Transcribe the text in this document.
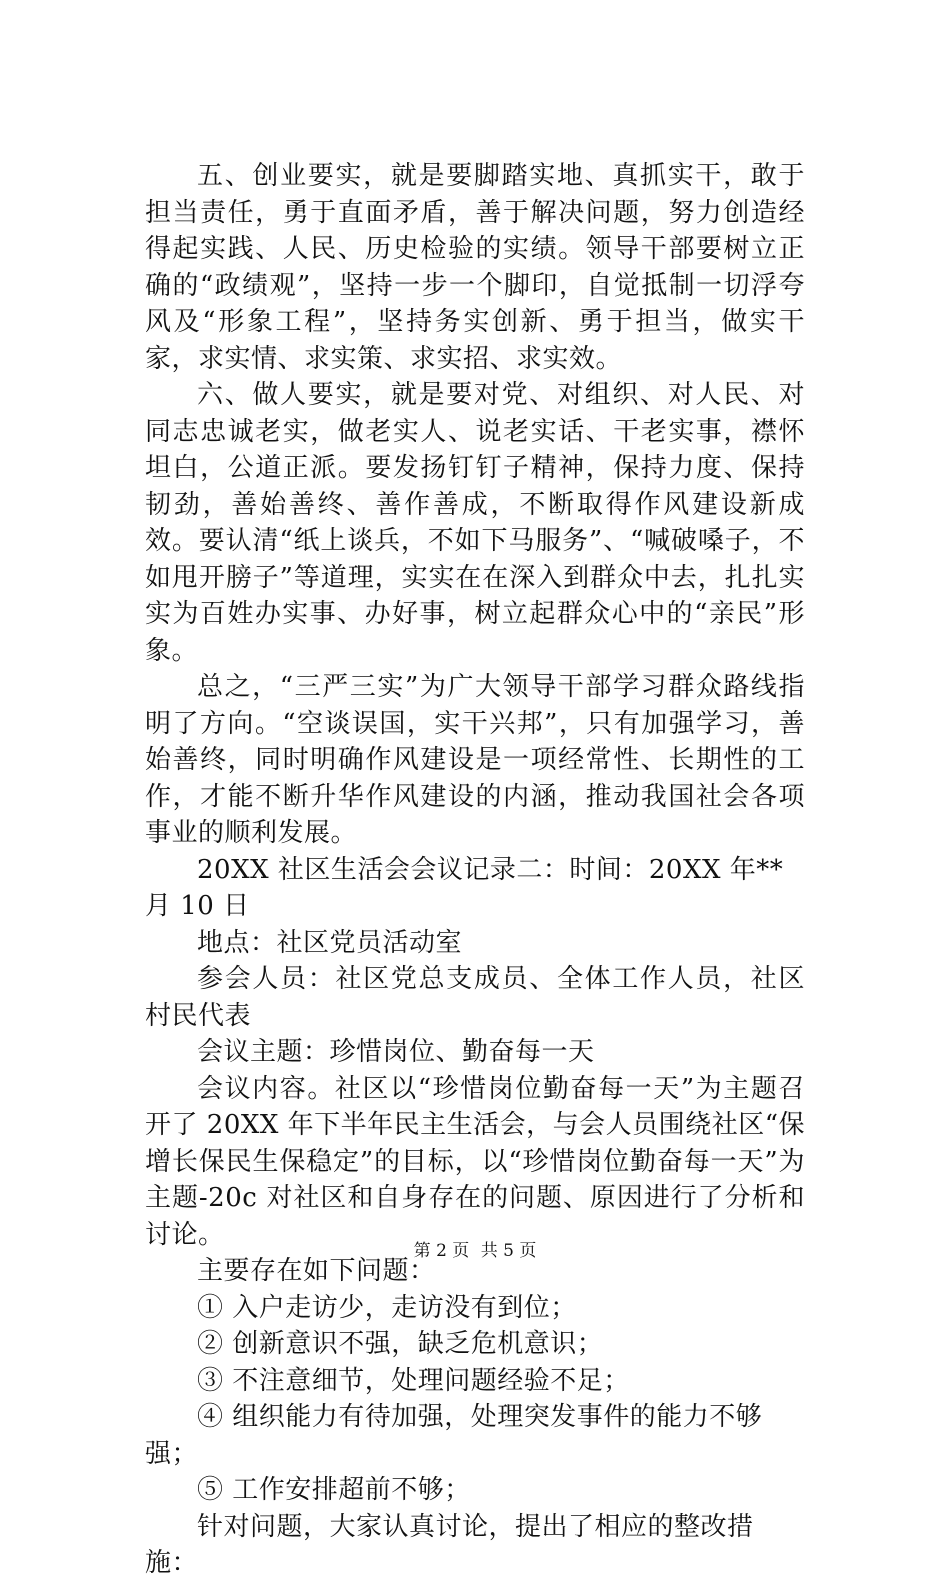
五、创业要实，就是要脚踏实地、真抓实干，敢于担当责任，勇于直面矛盾，善于解决问题，努力创造经得起实践、人民、历史检验的实绩。领导干部要树立正确的“政绩观”，坚持一步一个脚印，自觉抵制一切浮夸风及“形象工程”，坚持务实创新、勇于担当，做实干家，求实情、求实策、求实招、求实效。

六、做人要实，就是要对党、对组织、对人民、对同志忠诚老实，做老实人、说老实话、干老实事，襟怀坦白，公道正派。要发扬钉钉子精神，保持力度、保持韧劲，善始善终、善作善成，不断取得作风建设新成效。要认清“纸上谈兵，不如下马服务”、“喊破嗓子，不如甩开膀子”等道理，实实在在深入到群众中去，扎扎实实为百姓办实事、办好事，树立起群众心中的“亲民”形象。

总之，“三严三实”为广大领导干部学习群众路线指明了方向。“空谈误国，实干兴邦”，只有加强学习，善始善终，同时明确作风建设是一项经常性、长期性的工作，才能不断升华作风建设的内涵，推动我国社会各项事业的顺利发展。

20XX 社区生活会会议记录二：时间：20XX 年**月 10 日

地点：社区党员活动室

参会人员：社区党总支成员、全体工作人员，社区村民代表

会议主题：珍惜岗位、勤奋每一天

会议内容。社区以“珍惜岗位勤奋每一天”为主题召开了 20XX 年下半年民主生活会，与会人员围绕社区“保增长保民生保稳定”的目标，以“珍惜岗位勤奋每一天”为主题-20c 对社区和自身存在的问题、原因进行了分析和讨论。

主要存在如下问题：

① 入户走访少，走访没有到位；

② 创新意识不强，缺乏危机意识；

③ 不注意细节，处理问题经验不足；

④ 组织能力有待加强，处理突发事件的能力不够强；

⑤ 工作安排超前不够；

针对问题，大家认真讨论，提出了相应的整改措施：

第 2 页 共 5 页
